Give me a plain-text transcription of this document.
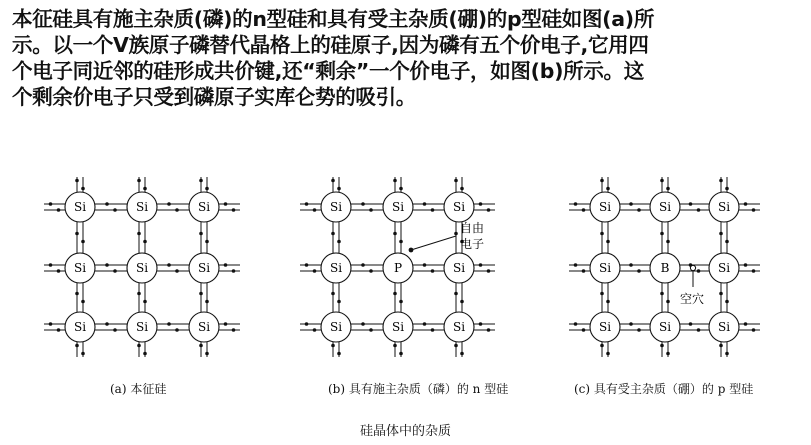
本征硅具有施主杂质(磷)的n型硅和具有受主杂质(硼)的p型硅如图(a)所
示。以一个V族原子磷替代晶格上的硅原子,因为磷有五个价电子,它用四
个电子同近邻的硅形成共价键,还“剩余”一个价电子，如图(b)所示。这
个剩余价电子只受到磷原子实库仑势的吸引。
Si	Si	Si
Si	Si	Si
Si	Si	Si
Si	Si	Si
Si	P	Si
Si	Si	Si
自由
电子
Si	Si	Si
Si	B	Si
Si	Si	Si
空穴
(a) 本征硅	(b) 具有施主杂质（磷）的 n 型硅	(c) 具有受主杂质（硼）的 p 型硅
硅晶体中的杂质
